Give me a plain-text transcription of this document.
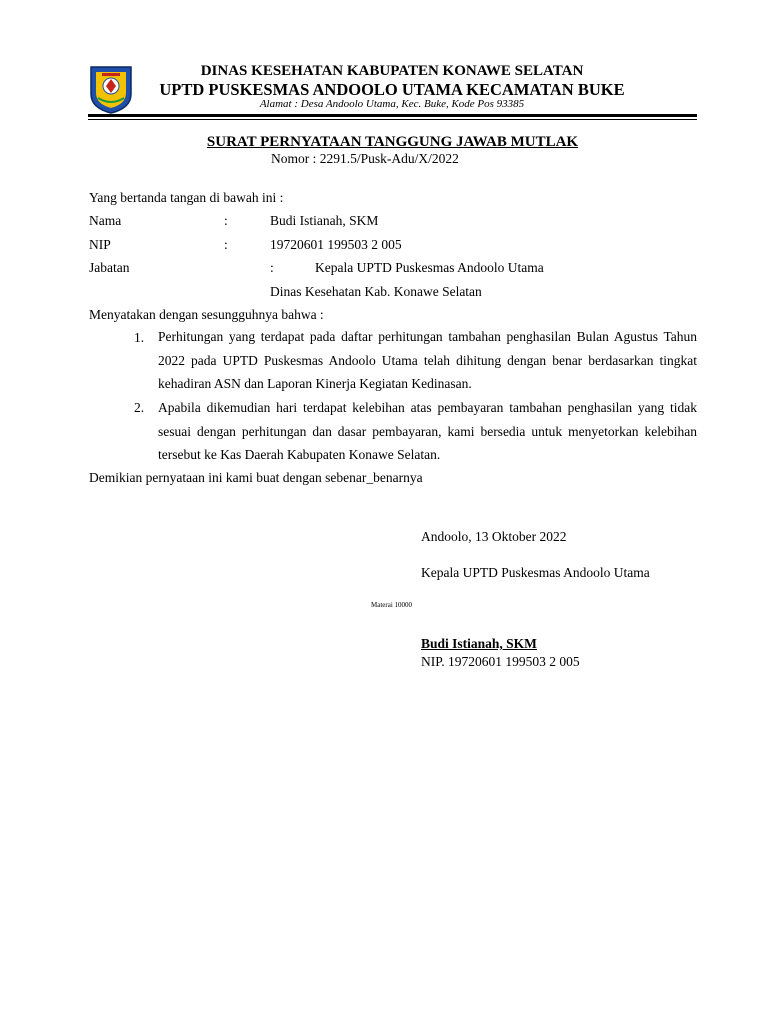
DINAS KESEHATAN KABUPATEN KONAWE SELATAN
UPTD PUSKESMAS ANDOOLO UTAMA KECAMATAN BUKE
Alamat : Desa Andoolo Utama, Kec. Buke, Kode Pos 93385
SURAT PERNYATAAN TANGGUNG JAWAB MUTLAK
Nomor : 2291.5/Pusk-Adu/X/2022
Yang bertanda tangan di bawah ini :
Nama	:	Budi Istianah, SKM
NIP	:	19720601 199503 2 005
Jabatan	:	Kepala UPTD Puskesmas Andoolo Utama
Dinas Kesehatan Kab. Konawe Selatan
Menyatakan dengan sesungguhnya bahwa :
1. Perhitungan yang terdapat pada daftar perhitungan tambahan penghasilan Bulan Agustus Tahun 2022 pada UPTD Puskesmas Andoolo Utama telah dihitung dengan benar berdasarkan tingkat kehadiran ASN dan Laporan Kinerja Kegiatan Kedinasan.
2. Apabila dikemudian hari terdapat kelebihan atas pembayaran tambahan penghasilan yang tidak sesuai dengan perhitungan dan dasar pembayaran, kami bersedia untuk menyetorkan kelebihan tersebut ke Kas Daerah Kabupaten Konawe Selatan.
Demikian pernyataan ini kami buat dengan sebenar_benarnya
Andoolo, 13 Oktober 2022
Kepala UPTD Puskesmas Andoolo Utama
Materai 10000
Budi Istianah, SKM
NIP. 19720601 199503 2 005
